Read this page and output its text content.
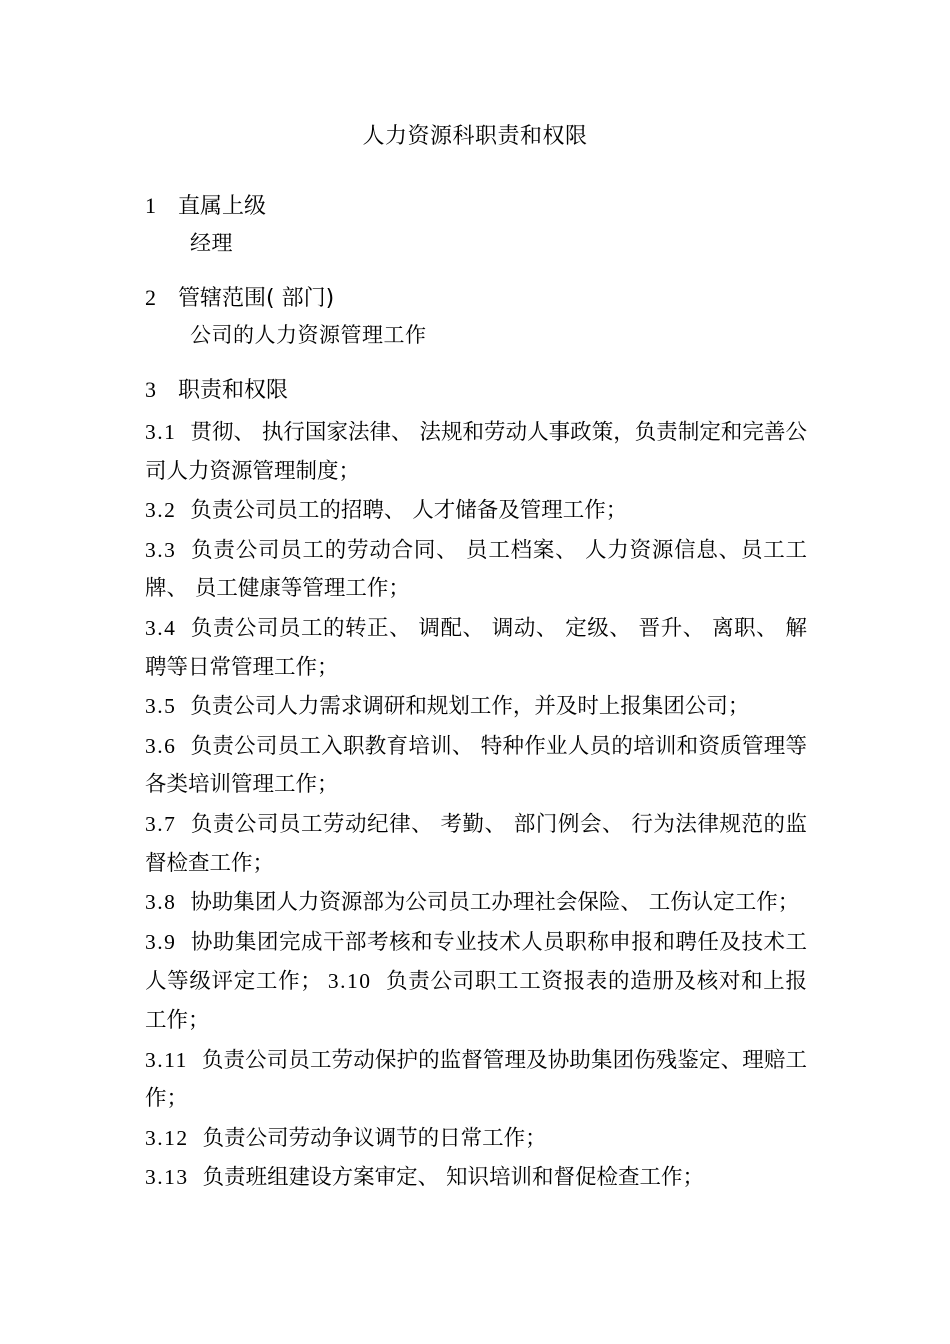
人力资源科职责和权限
1 直属上级
经理
2 管辖范围( 部门)
公司的人力资源管理工作
3 职责和权限
3.1 贯彻、 执行国家法律、 法规和劳动人事政策，负责制定和完善公司人力资源管理制度；
3.2 负责公司员工的招聘、 人才储备及管理工作；
3.3 负责公司员工的劳动合同、 员工档案、 人力资源信息、员工工牌、 员工健康等管理工作；
3.4 负责公司员工的转正、 调配、 调动、 定级、 晋升、 离职、 解聘等日常管理工作；
3.5 负责公司人力需求调研和规划工作，并及时上报集团公司；
3.6 负责公司员工入职教育培训、 特种作业人员的培训和资质管理等各类培训管理工作；
3.7 负责公司员工劳动纪律、 考勤、 部门例会、 行为法律规范的监督检查工作；
3.8 协助集团人力资源部为公司员工办理社会保险、 工伤认定工作；
3.9 协助集团完成干部考核和专业技术人员职称申报和聘任及技术工人等级评定工作； 3.10 负责公司职工工资报表的造册及核对和上报工作；
3.11 负责公司员工劳动保护的监督管理及协助集团伤残鉴定、理赔工作；
3.12 负责公司劳动争议调节的日常工作；
3.13 负责班组建设方案审定、 知识培训和督促检查工作；
